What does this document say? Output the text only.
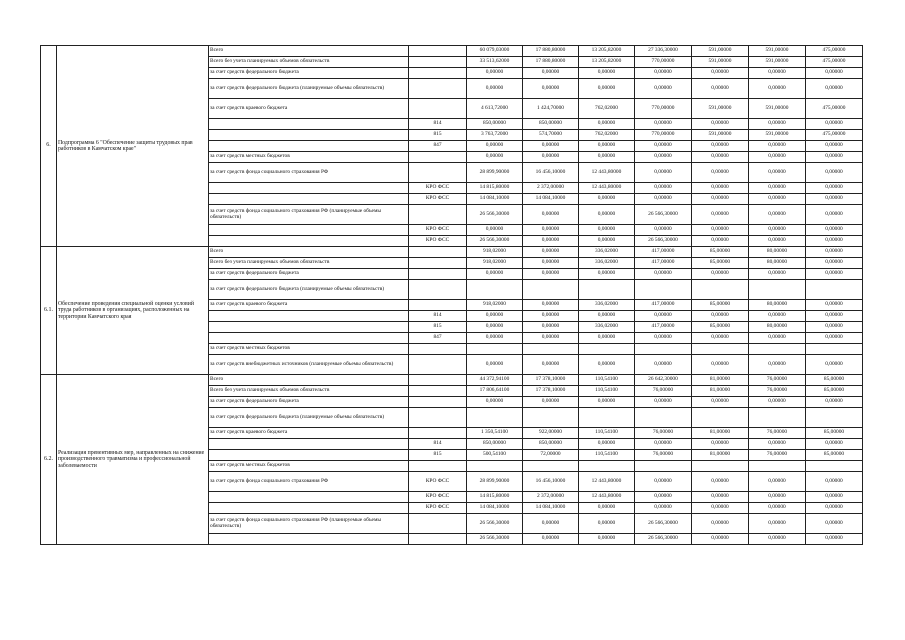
6.	Подпрограмма 6 "Обеспечение защиты трудовых прав работников в Камчатском крае"	Всего		60 079,03000	17 880,80000	13 205,82000	27 336,30000	591,00000	591,00000	475,00000
		Всего без учета планируемых объемов обязательств		33 513,62000	17 880,80000	13 205,82000	770,00000	591,00000	591,00000	475,00000
		за счет средств федерального бюджета		0,00000	0,00000	0,00000	0,00000	0,00000	0,00000	0,00000
		за счет средств федерального бюджета (планируемые объемы обязательств)		0,00000	0,00000	0,00000	0,00000	0,00000	0,00000	0,00000
		за счет средств краевого бюджета		4 613,72000	1 424,70000	762,02000	770,00000	591,00000	591,00000	475,00000
			814	850,00000	850,00000	0,00000	0,00000	0,00000	0,00000	0,00000
			815	3 763,72000	574,70000	762,02000	770,00000	591,00000	591,00000	475,00000
			847	0,00000	0,00000	0,00000	0,00000	0,00000	0,00000	0,00000
		за счет средств местных бюджетов		0,00000	0,00000	0,00000	0,00000	0,00000	0,00000	0,00000
		за счет средств фонда социального страхования РФ		28 899,90000	16 456,10000	12 443,80000	0,00000	0,00000	0,00000	0,00000
			КРО ФСС	14 815,80000	2 372,00000	12 443,80000	0,00000	0,00000	0,00000	0,00000
			КРО ФСС	14 084,10000	14 084,10000	0,00000	0,00000	0,00000	0,00000	0,00000
		за счет средств фонда социального страхования РФ (планируемые объемы обязательств)		26 566,30000	0,00000	0,00000	26 566,30000	0,00000	0,00000	0,00000
			КРО ФСС	0,00000	0,00000	0,00000	0,00000	0,00000	0,00000	0,00000
			КРО ФСС	26 566,30000	0,00000	0,00000	26 566,30000	0,00000	0,00000	0,00000
6.1.	Обеспечение проведения специальной оценки условий труда работников в организациях, расположенных на территории Камчатского края	Всего		918,02000	0,00000	336,02000	417,00000	85,00000	80,00000	0,00000
		Всего без учета планируемых объемов обязательств		918,02000	0,00000	336,02000	417,00000	85,00000	80,00000	0,00000
		за счет средств федерального бюджета		0,00000	0,00000	0,00000	0,00000	0,00000	0,00000	0,00000
		за счет средств федерального бюджета (планируемые объемы обязательств)								
		за счет средств краевого бюджета		918,02000	0,00000	336,02000	417,00000	85,00000	80,00000	0,00000
			814	0,00000	0,00000	0,00000	0,00000	0,00000	0,00000	0,00000
			815	0,00000	0,00000	336,02000	417,00000	85,00000	80,00000	0,00000
			847	0,00000	0,00000	0,00000	0,00000	0,00000	0,00000	0,00000
		за счет средств местных бюджетов								
		за счет средств внебюджетных источников (планируемые объемы обязательств)		0,00000	0,00000	0,00000	0,00000	0,00000	0,00000	0,00000
6.2.	Реализация превентивных мер, направленных на снижение производственного травматизма и профессиональной заболеваемости	Всего		44 372,94100	17 378,10000	110,54100	26 642,30000	81,00000	76,00000	85,00000
		Всего без учета планируемых объемов обязательств		17 806,64100	17 378,10000	110,54100	76,00000	81,00000	76,00000	85,00000
		за счет средств федерального бюджета		0,00000	0,00000	0,00000	0,00000	0,00000	0,00000	0,00000
		за счет средств федерального бюджета (планируемые объемы обязательств)								
		за счет средств краевого бюджета		1 350,54100	922,00000	110,54100	76,00000	81,00000	76,00000	85,00000
			814	850,00000	850,00000	0,00000	0,00000	0,00000	0,00000	0,00000
			815	500,54100	72,00000	110,54100	76,00000	81,00000	76,00000	85,00000
		за счет средств местных бюджетов								
		за счет средств фонда социального страхования РФ	КРО ФСС	28 899,90000	16 456,10000	12 443,80000	0,00000	0,00000	0,00000	0,00000
			КРО ФСС	14 815,80000	2 372,00000	12 443,80000	0,00000	0,00000	0,00000	0,00000
			КРО ФСС	14 084,10000	14 084,10000	0,00000	0,00000	0,00000	0,00000	0,00000
		за счет средств фонда социального страхования РФ (планируемые объемы обязательств)		26 566,30000	0,00000	0,00000	26 566,30000	0,00000	0,00000	0,00000
				26 566,30000	0,00000	0,00000	26 566,30000	0,00000	0,00000	0,00000
